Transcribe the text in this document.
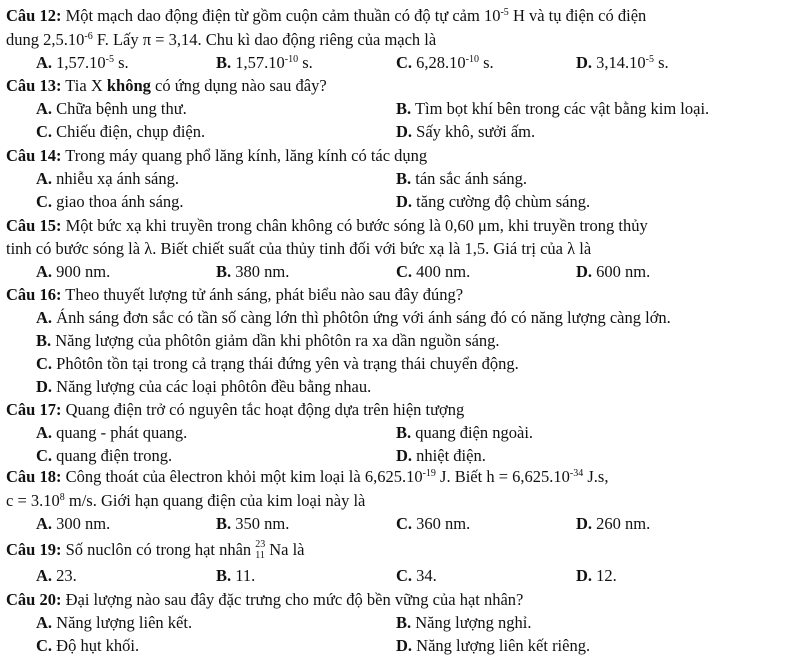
Câu 12: Một mạch dao động điện từ gồm cuộn cảm thuần có độ tự cảm $10^{-5}$ H và tụ điện có điện
dung $2,5.10^{-6}$ F. Lấy π = 3,14. Chu kì dao động riêng của mạch là
A. $1,57.10^{-5}$ s.	B. $1,57.10^{-10}$ s.	C. $6,28.10^{-10}$ s.	D. $3,14.10^{-5}$ s.
Câu 13: Tia X không có ứng dụng nào sau đây?
A. Chữa bệnh ung thư.	B. Tìm bọt khí bên trong các vật bằng kim loại.
C. Chiếu điện, chụp điện.	D. Sấy khô, sưởi ấm.
Câu 14: Trong máy quang phổ lăng kính, lăng kính có tác dụng
A. nhiễu xạ ánh sáng.	B. tán sắc ánh sáng.
C. giao thoa ánh sáng.	D. tăng cường độ chùm sáng.
Câu 15: Một bức xạ khi truyền trong chân không có bước sóng là 0,60 μm, khi truyền trong thủy
tinh có bước sóng là λ. Biết chiết suất của thủy tinh đối với bức xạ là 1,5. Giá trị của λ là
A. 900 nm.	B. 380 nm.	C. 400 nm.	D. 600 nm.
Câu 16: Theo thuyết lượng tử ánh sáng, phát biểu nào sau đây đúng?
A. Ánh sáng đơn sắc có tần số càng lớn thì phôtôn ứng với ánh sáng đó có năng lượng càng lớn.
B. Năng lượng của phôtôn giảm dần khi phôtôn ra xa dần nguồn sáng.
C. Phôtôn tồn tại trong cả trạng thái đứng yên và trạng thái chuyển động.
D. Năng lượng của các loại phôtôn đều bằng nhau.
Câu 17: Quang điện trở có nguyên tắc hoạt động dựa trên hiện tượng
A. quang - phát quang.	B. quang điện ngoài.
C. quang điện trong.	D. nhiệt điện.
Câu 18: Công thoát của êlectron khỏi một kim loại là $6,625.10^{-19}$ J. Biết $h = 6,625.10^{-34}$ J.s,
$c = 3.10^8$ m/s. Giới hạn quang điện của kim loại này là
A. 300 nm.	B. 350 nm.	C. 360 nm.	D. 260 nm.
Câu 19: Số nuclôn có trong hạt nhân 23
11 Na là
A. 23.	B. 11.	C. 34.	D. 12.
Câu 20: Đại lượng nào sau đây đặc trưng cho mức độ bền vững của hạt nhân?
A. Năng lượng liên kết.	B. Năng lượng nghỉ.
C. Độ hụt khối.	D. Năng lượng liên kết riêng.
